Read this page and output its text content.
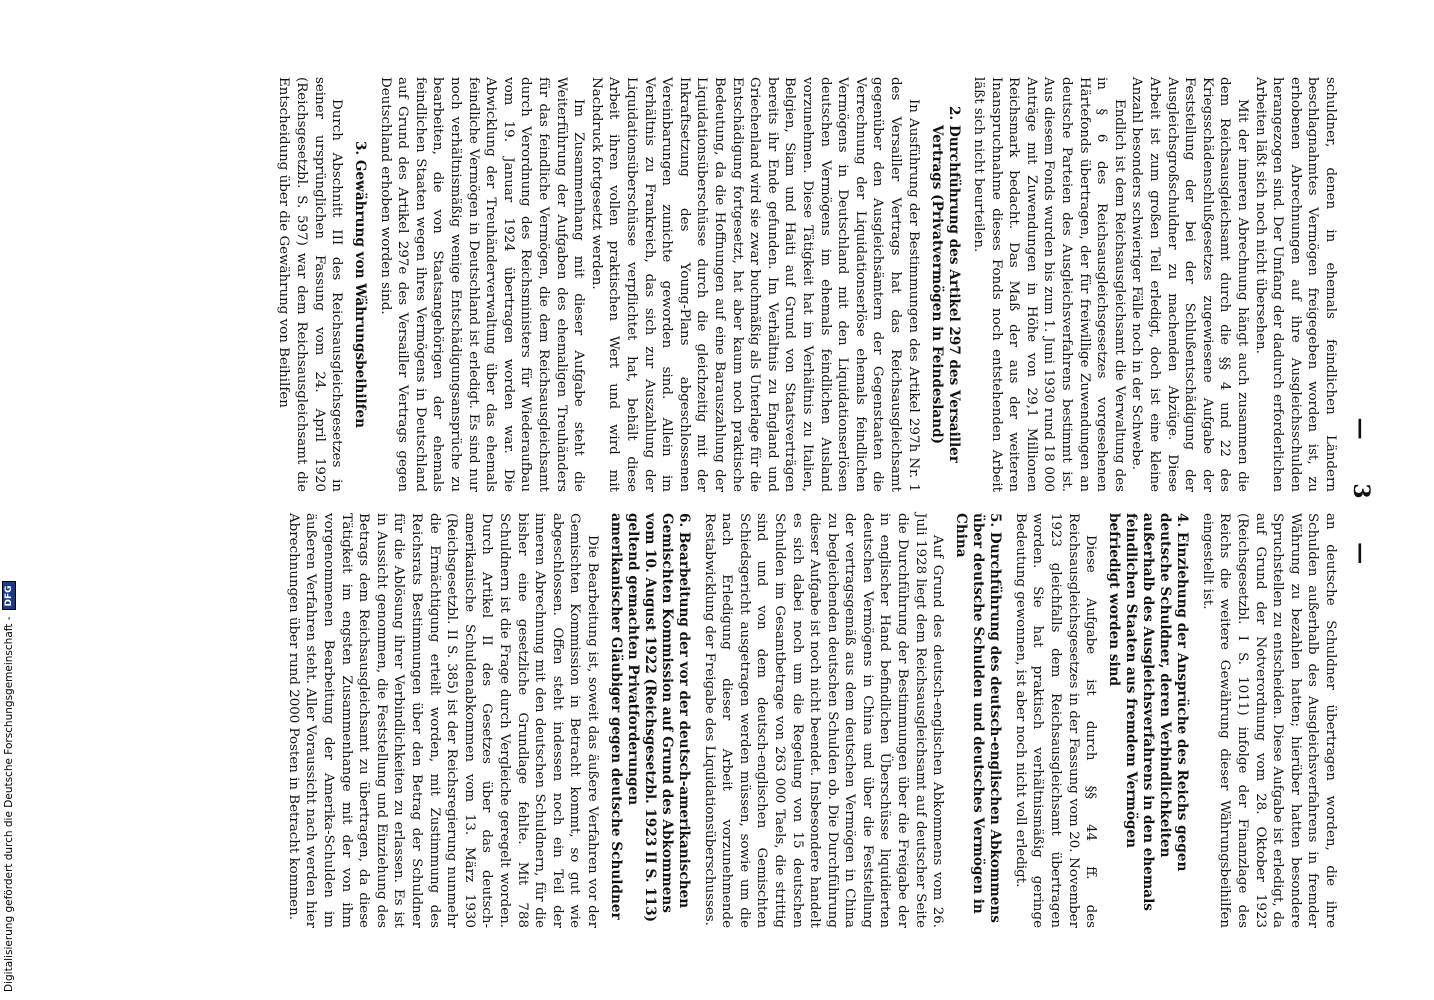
— 3 —

schuldner, denen in ehemals feindlichen Ländern beschlagnahmtes Vermögen freigegeben worden ist, zu erhobenen Abrechnungen auf ihre Ausgleichsschulden herangezogen sind. Der Umfang der dadurch erforderlichen Arbeiten läßt sich noch nicht übersehen.

Mit der inneren Abrechnung hängt auch zusammen die dem Reichsausgleichsamt durch die §§ 4 und 22 des Kriegsschädenschlußgesetzes zugewiesene Aufgabe der Feststellung der bei der Schlußentschädigung der Ausgleichsgroßschuldner zu machenden Abzüge. Diese Arbeit ist zum großen Teil erledigt, doch ist eine kleine Anzahl besonders schwieriger Fälle noch in der Schwebe.

Endlich ist dem Reichsausgleichsamt die Verwaltung des in § 6 des Reichsausgleichsgesetzes vorgesehenen Härtefonds übertragen, der für freiwillige Zuwendungen an deutsche Parteien des Ausgleichsverfahrens bestimmt ist. Aus diesem Fonds wurden bis zum 1. Juni 1930 rund 18 000 Anträge mit Zuwendungen in Höhe von 29,1 Millionen Reichsmark bedacht. Das Maß der aus der weiteren Inanspruchnahme dieses Fonds noch entstehenden Arbeit läßt sich nicht beurteilen.

2. Durchführung des Artikel 297 des Versailler Vertrags (Privatvermögen in Feindesland)

In Ausführung der Bestimmungen des Artikel 297h Nr. 1 des Versailler Vertrags hat das Reichsausgleichsamt gegenüber den Ausgleichsämtern der Gegenstaaten die Verrechnung der Liquidationserlöse ehemals feindlichen Vermögens in Deutschland mit den Liquidationserlösen deutschen Vermögens im ehemals feindlichen Ausland vorzunehmen. Diese Tätigkeit hat im Verhältnis zu Italien, Belgien, Siam und Haiti auf Grund von Staatsverträgen bereits ihr Ende gefunden. Im Verhältnis zu England und Griechenland wird sie zwar buchmäßig als Unterlage für die Entschädigung fortgesetzt, hat aber kaum noch praktische Bedeutung, da die Hoffnungen auf eine Barauszahlung der Liquidationsüberschüsse durch die gleichzeitig mit der Inkraftsetzung des Young-Plans abgeschlossenen Vereinbarungen zunichte geworden sind. Allein im Verhältnis zu Frankreich, das sich zur Auszahlung der Liquidationsüberschüsse verpflichtet hat, behält diese Arbeit ihren vollen praktischen Wert und wird mit Nachdruck fortgesetzt werden.

Im Zusammenhang mit dieser Aufgabe steht die Weiterführung der Aufgaben des ehemaligen Treuhänders für das feindliche Vermögen, die dem Reichsausgleichsamt durch Verordnung des Reichsministers für Wiederaufbau vom 19. Januar 1924 übertragen worden war. Die Abwicklung der Treuhänderverwaltung über das ehemals feindliche Vermögen in Deutschland ist erledigt. Es sind nur noch verhältnismäßig wenige Entschädigungsansprüche zu bearbeiten, die von Staatsangehörigen der ehemals feindlichen Staaten wegen ihres Vermögens in Deutschland auf Grund des Artikel 297e des Versailler Vertrags gegen Deutschland erhoben worden sind.

3. Gewährung von Währungsbeihilfen

Durch Abschnitt III des Reichsausgleichsgesetzes in seiner ursprünglichen Fassung vom 24. April 1920 (Reichsgesetzbl. S. 597) war dem Reichsausgleichsamt die Entscheidung über die Gewährung von Beihilfen

an deutsche Schuldner übertragen worden, die ihre Schulden außerhalb des Ausgleichsverfahrens in fremder Währung zu bezahlen hatten; hierüber hatten besondere Spruchstellen zu entscheiden. Diese Aufgabe ist erledigt, da auf Grund der Notverordnung vom 28. Oktober 1923 (Reichsgesetzbl. I S. 1011) infolge der Finanzlage des Reichs die weitere Gewährung dieser Währungsbeihilfen eingestellt ist.

4. Einziehung der Ansprüche des Reichs gegen deutsche Schuldner, deren Verbindlichkeiten außerhalb des Ausgleichsverfahrens in den ehemals feindlichen Staaten aus fremdem Vermögen befriedigt worden sind

Diese Aufgabe ist durch §§ 44 ff. des Reichsausgleichsgesetzes in der Fassung vom 20. November 1923 gleichfalls dem Reichsausgleichsamt übertragen worden. Sie hat praktisch verhältnismäßig geringe Bedeutung gewonnen, ist aber noch nicht voll erledigt.

5. Durchführung des deutsch-englischen Abkommens über deutsche Schulden und deutsches Vermögen in China

Auf Grund des deutsch-englischen Abkommens vom 26. Juli 1928 liegt dem Reichsausgleichsamt auf deutscher Seite die Durchführung der Bestimmungen über die Freigabe der in englischer Hand befindlichen Überschüsse liquidierten deutschen Vermögens in China und über die Feststellung der vertragsgemäß aus dem deutschen Vermögen in China zu begleichenden deutschen Schulden ob. Die Durchführung dieser Aufgabe ist noch nicht beendet. Insbesondere handelt es sich dabei noch um die Regelung von 15 deutschen Schulden im Gesamtbetrage von 263 000 Taels, die strittig sind und von dem deutsch-englischen Gemischten Schiedsgericht ausgetragen werden müssen, sowie um die nach Erledigung dieser Arbeit vorzunehmende Restabwicklung der Freigabe des Liquidationsüberschusses.

6. Bearbeitung der vor der deutsch-amerikanischen Gemischten Kommission auf Grund des Abkommens vom 10. August 1922 (Reichsgesetzbl. 1923 II S. 113) geltend gemachten Privatforderungen amerikanischer Gläubiger gegen deutsche Schuldner

Die Bearbeitung ist, soweit das äußere Verfahren vor der Gemischten Kommission in Betracht kommt, so gut wie abgeschlossen. Offen steht indessen noch ein Teil der inneren Abrechnung mit den deutschen Schuldnern, für die bisher eine gesetzliche Grundlage fehlte. Mit 788 Schuldnern ist die Frage durch Vergleiche geregelt worden. Durch Artikel II des Gesetzes über das deutsch-amerikanische Schuldenabkommen vom 13. März 1930 (Reichsgesetzbl. II S. 385) ist der Reichsregierung nunmehr die Ermächtigung erteilt worden, mit Zustimmung des Reichsrats Bestimmungen über den Betrag der Schuldner für die Ablösung ihrer Verbindlichkeiten zu erlassen. Es ist in Aussicht genommen, die Feststellung und Einziehung des Betrags dem Reichsausgleichsamt zu übertragen, da diese Tätigkeit im engsten Zusammenhange mit der von ihm vorgenommenen Bearbeitung der Amerika-Schulden im äußeren Verfahren steht. Aller Voraussicht nach werden hier Abrechnungen über rund 2000 Posten in Betracht kommen.

Digitalisierung gefördert durch die Deutsche Forschungsgemeinschaft -
DFG
